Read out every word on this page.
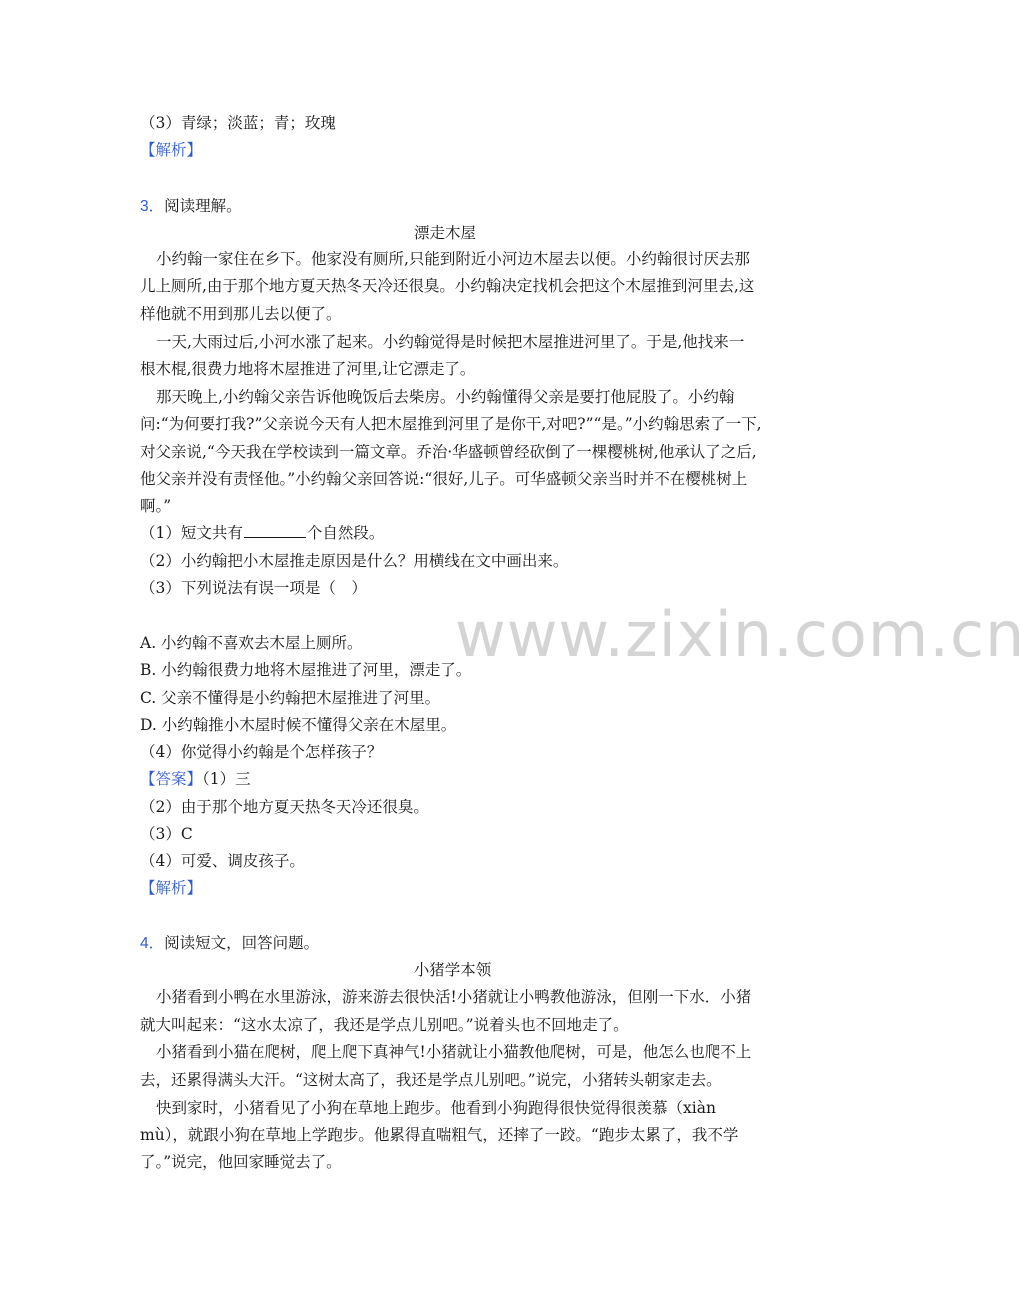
www.zixin.com.cn
（3）青绿；淡蓝；青；玫瑰
【解析】
3．阅读理解。
漂走木屋
小约翰一家住在乡下。他家没有厕所,只能到附近小河边木屋去以便。小约翰很讨厌去那
儿上厕所,由于那个地方夏天热冬天冷还很臭。小约翰决定找机会把这个木屋推到河里去,这
样他就不用到那儿去以便了。
一天,大雨过后,小河水涨了起来。小约翰觉得是时候把木屋推进河里了。于是,他找来一
根木棍,很费力地将木屋推进了河里,让它漂走了。
那天晚上,小约翰父亲告诉他晚饭后去柴房。小约翰懂得父亲是要打他屁股了。小约翰
问:“为何要打我?”父亲说今天有人把木屋推到河里了是你干,对吧?”“是。”小约翰思索了一下,
对父亲说,“今天我在学校读到一篇文章。乔治·华盛顿曾经砍倒了一棵樱桃树,他承认了之后,
他父亲并没有责怪他。”小约翰父亲回答说:“很好,儿子。可华盛顿父亲当时并不在樱桃树上
啊。”
（1）短文共有	个自然段。
（2）小约翰把小木屋推走原因是什么？用横线在文中画出来。
（3）下列说法有误一项是（　）
A. 小约翰不喜欢去木屋上厕所。
B. 小约翰很费力地将木屋推进了河里，漂走了。
C. 父亲不懂得是小约翰把木屋推进了河里。
D. 小约翰推小木屋时候不懂得父亲在木屋里。
（4）你觉得小约翰是个怎样孩子？
【答案】（1）三
（2）由于那个地方夏天热冬天冷还很臭。
（3）C
（4）可爱、调皮孩子。
【解析】
4．阅读短文，回答问题。
小猪学本领
小猪看到小鸭在水里游泳，游来游去很快活!小猪就让小鸭教他游泳，但刚一下水．小猪
就大叫起来：“这水太凉了，我还是学点儿别吧。”说着头也不回地走了。
小猪看到小猫在爬树，爬上爬下真神气!小猪就让小猫教他爬树，可是，他怎么也爬不上
去，还累得满头大汗。“这树太高了，我还是学点儿别吧。”说完，小猪转头朝家走去。
快到家时，小猪看见了小狗在草地上跑步。他看到小狗跑得很快觉得很羡慕（xiàn
mù），就跟小狗在草地上学跑步。他累得直喘粗气，还摔了一跤。“跑步太累了，我不学
了。”说完，他回家睡觉去了。
